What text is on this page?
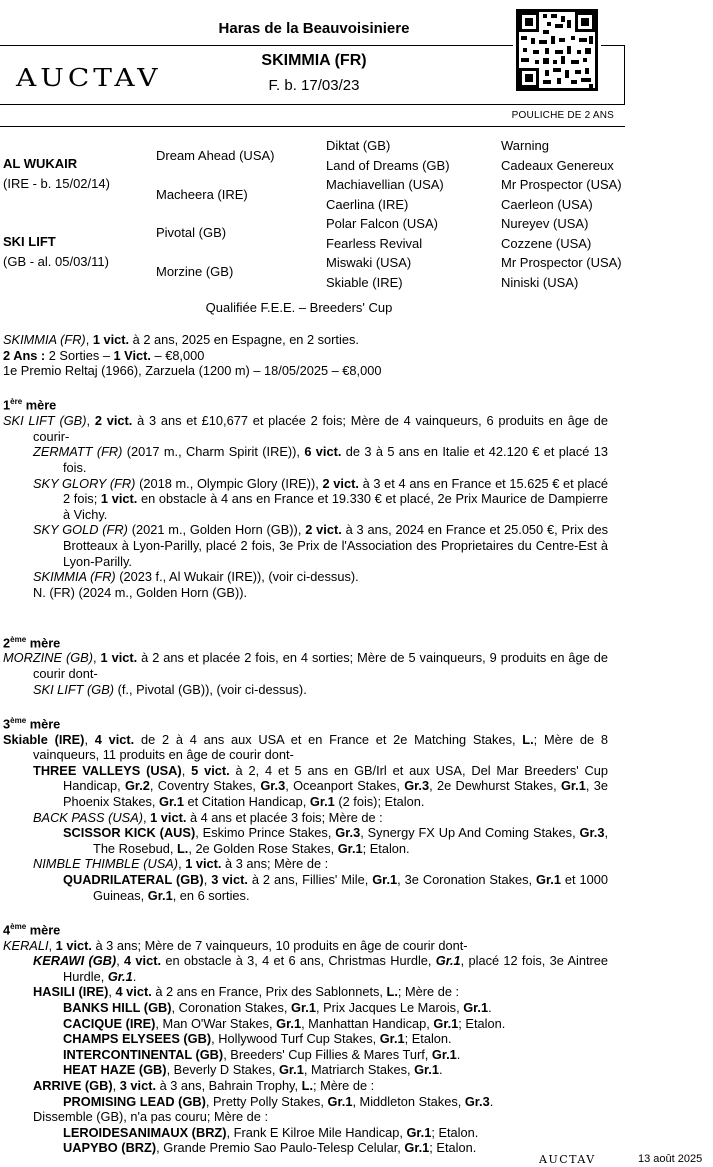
Haras de la Beauvoisiniere
SKIMMIA (FR)
F. b. 17/03/23
AUCTAV
POULICHE DE 2 ANS
AL WUKAIR
(IRE - b. 15/02/14)
SKI LIFT
(GB - al. 05/03/11)
Dream Ahead (USA)
Macheera (IRE)
Pivotal (GB)
Morzine (GB)
Diktat (GB)
Land of Dreams (GB)
Machiavellian (USA)
Caerlina (IRE)
Polar Falcon (USA)
Fearless Revival
Miswaki (USA)
Skiable (IRE)
Warning
Cadeaux Genereux
Mr Prospector (USA)
Caerleon (USA)
Nureyev (USA)
Cozzene (USA)
Mr Prospector (USA)
Niniski (USA)
Qualifiée F.E.E. – Breeders' Cup

SKIMMIA (FR), 1 vict. à 2 ans, 2025 en Espagne, en 2 sorties.

2 Ans : 2 Sorties – 1 Vict. – €8,000

1e Premio Reltaj (1966), Zarzuela (1200 m) – 18/05/2025 – €8,000

1ère mère

SKI LIFT (GB), 2 vict. à 3 ans et £10,677 et placée 2 fois; Mère de 4 vainqueurs, 6 produits en âge de courir-

ZERMATT (FR) (2017 m., Charm Spirit (IRE)), 6 vict. de 3 à 5 ans en Italie et 42.120 € et placé 13 fois.

SKY GLORY (FR) (2018 m., Olympic Glory (IRE)), 2 vict. à 3 et 4 ans en France et 15.625 € et placé 2 fois; 1 vict. en obstacle à 4 ans en France et 19.330 € et placé, 2e Prix Maurice de Dampierre à Vichy.

SKY GOLD (FR) (2021 m., Golden Horn (GB)), 2 vict. à 3 ans, 2024 en France et 25.050 €, Prix des Brotteaux à Lyon-Parilly, placé 2 fois, 3e Prix de l'Association des Proprietaires du Centre-Est à Lyon-Parilly.

SKIMMIA (FR) (2023 f., Al Wukair (IRE)), (voir ci-dessus).

N. (FR) (2024 m., Golden Horn (GB)).

2ème mère

MORZINE (GB), 1 vict. à 2 ans et placée 2 fois, en 4 sorties; Mère de 5 vainqueurs, 9 produits en âge de courir dont-

SKI LIFT (GB) (f., Pivotal (GB)), (voir ci-dessus).

3ème mère

Skiable (IRE), 4 vict. de 2 à 4 ans aux USA et en France et 2e Matching Stakes, L.; Mère de 8 vainqueurs, 11 produits en âge de courir dont-

THREE VALLEYS (USA), 5 vict. à 2, 4 et 5 ans en GB/Irl et aux USA, Del Mar Breeders' Cup Handicap, Gr.2, Coventry Stakes, Gr.3, Oceanport Stakes, Gr.3, 2e Dewhurst Stakes, Gr.1, 3e Phoenix Stakes, Gr.1 et Citation Handicap, Gr.1 (2 fois); Etalon.

BACK PASS (USA), 1 vict. à 4 ans et placée 3 fois; Mère de :

SCISSOR KICK (AUS), Eskimo Prince Stakes, Gr.3, Synergy FX Up And Coming Stakes, Gr.3, The Rosebud, L., 2e Golden Rose Stakes, Gr.1; Etalon.

NIMBLE THIMBLE (USA), 1 vict. à 3 ans; Mère de :

QUADRILATERAL (GB), 3 vict. à 2 ans, Fillies' Mile, Gr.1, 3e Coronation Stakes, Gr.1 et 1000 Guineas, Gr.1, en 6 sorties.

4ème mère

KERALI, 1 vict. à 3 ans; Mère de 7 vainqueurs, 10 produits en âge de courir dont-

KERAWI (GB), 4 vict. en obstacle à 3, 4 et 6 ans, Christmas Hurdle, Gr.1, placé 12 fois, 3e Aintree Hurdle, Gr.1.

HASILI (IRE), 4 vict. à 2 ans en France, Prix des Sablonnets, L.; Mère de :

BANKS HILL (GB), Coronation Stakes, Gr.1, Prix Jacques Le Marois, Gr.1.

CACIQUE (IRE), Man O'War Stakes, Gr.1, Manhattan Handicap, Gr.1; Etalon.

CHAMPS ELYSEES (GB), Hollywood Turf Cup Stakes, Gr.1; Etalon.

INTERCONTINENTAL (GB), Breeders' Cup Fillies & Mares Turf, Gr.1.

HEAT HAZE (GB), Beverly D Stakes, Gr.1, Matriarch Stakes, Gr.1.

ARRIVE (GB), 3 vict. à 3 ans, Bahrain Trophy, L.; Mère de :

PROMISING LEAD (GB), Pretty Polly Stakes, Gr.1, Middleton Stakes, Gr.3.

Dissemble (GB), n'a pas couru; Mère de :

LEROIDESANIMAUX (BRZ), Frank E Kilroe Mile Handicap, Gr.1; Etalon.

UAPYBO (BRZ), Grande Premio Sao Paulo-Telesp Celular, Gr.1; Etalon.

AUCTAV	13 août 2025
